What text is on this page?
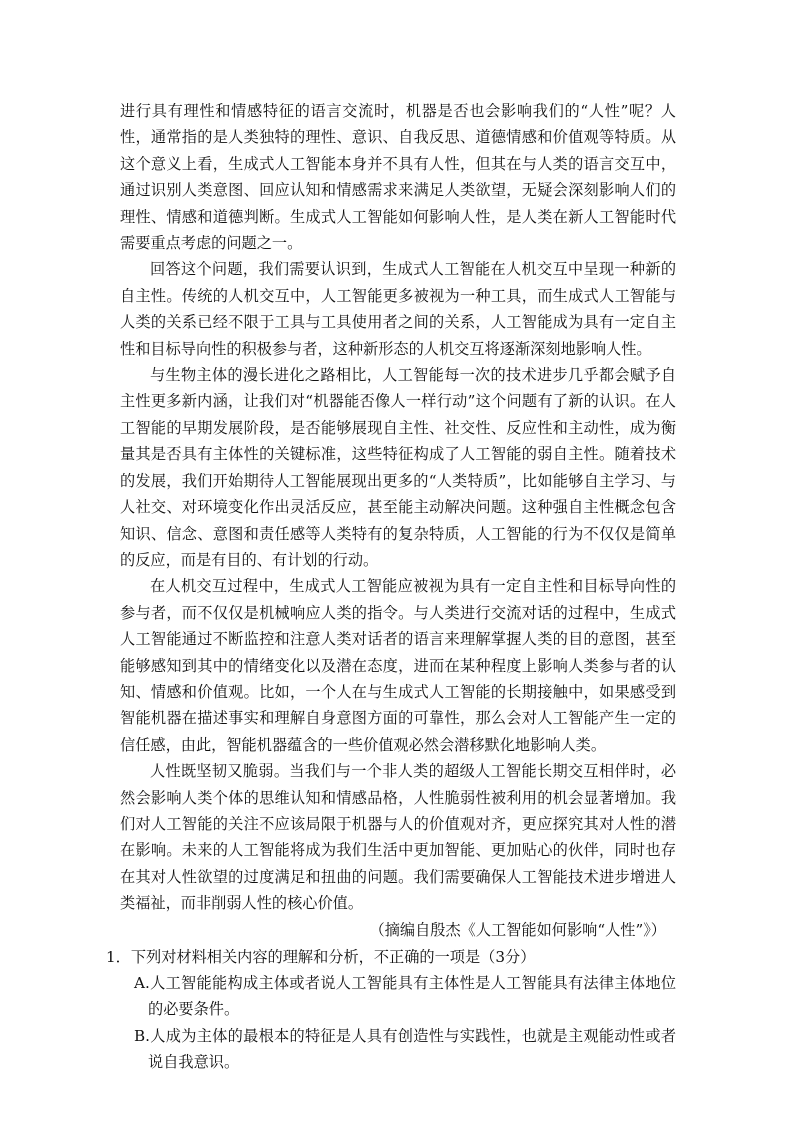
进行具有理性和情感特征的语言交流时，机器是否也会影响我们的“人性”呢？人性，通常指的是人类独特的理性、意识、自我反思、道德情感和价值观等特质。从这个意义上看，生成式人工智能本身并不具有人性，但其在与人类的语言交互中，通过识别人类意图、回应认知和情感需求来满足人类欲望，无疑会深刻影响人们的理性、情感和道德判断。生成式人工智能如何影响人性，是人类在新人工智能时代需要重点考虑的问题之一。

回答这个问题，我们需要认识到，生成式人工智能在人机交互中呈现一种新的自主性。传统的人机交互中，人工智能更多被视为一种工具，而生成式人工智能与人类的关系已经不限于工具与工具使用者之间的关系，人工智能成为具有一定自主性和目标导向性的积极参与者，这种新形态的人机交互将逐渐深刻地影响人性。

与生物主体的漫长进化之路相比，人工智能每一次的技术进步几乎都会赋予自主性更多新内涵，让我们对“机器能否像人一样行动”这个问题有了新的认识。在人工智能的早期发展阶段，是否能够展现自主性、社交性、反应性和主动性，成为衡量其是否具有主体性的关键标准，这些特征构成了人工智能的弱自主性。随着技术的发展，我们开始期待人工智能展现出更多的“人类特质”，比如能够自主学习、与人社交、对环境变化作出灵活反应，甚至能主动解决问题。这种强自主性概念包含知识、信念、意图和责任感等人类特有的复杂特质，人工智能的行为不仅仅是简单的反应，而是有目的、有计划的行动。

在人机交互过程中，生成式人工智能应被视为具有一定自主性和目标导向性的参与者，而不仅仅是机械响应人类的指令。与人类进行交流对话的过程中，生成式人工智能通过不断监控和注意人类对话者的语言来理解掌握人类的目的意图，甚至能够感知到其中的情绪变化以及潜在态度，进而在某种程度上影响人类参与者的认知、情感和价值观。比如，一个人在与生成式人工智能的长期接触中，如果感受到智能机器在描述事实和理解自身意图方面的可靠性，那么会对人工智能产生一定的信任感，由此，智能机器蕴含的一些价值观必然会潜移默化地影响人类。

人性既坚韧又脆弱。当我们与一个非人类的超级人工智能长期交互相伴时，必然会影响人类个体的思维认知和情感品格，人性脆弱性被利用的机会显著增加。我们对人工智能的关注不应该局限于机器与人的价值观对齐，更应探究其对人性的潜在影响。未来的人工智能将成为我们生活中更加智能、更加贴心的伙伴，同时也存在其对人性欲望的过度满足和扭曲的问题。我们需要确保人工智能技术进步增进人类福祉，而非削弱人性的核心价值。

（摘编自殷杰《人工智能如何影响“人性”》）

1．下列对材料相关内容的理解和分析，不正确的一项是（3分）

A.人工智能能构成主体或者说人工智能具有主体性是人工智能具有法律主体地位的必要条件。

B.人成为主体的最根本的特征是人具有创造性与实践性，也就是主观能动性或者说自我意识。
